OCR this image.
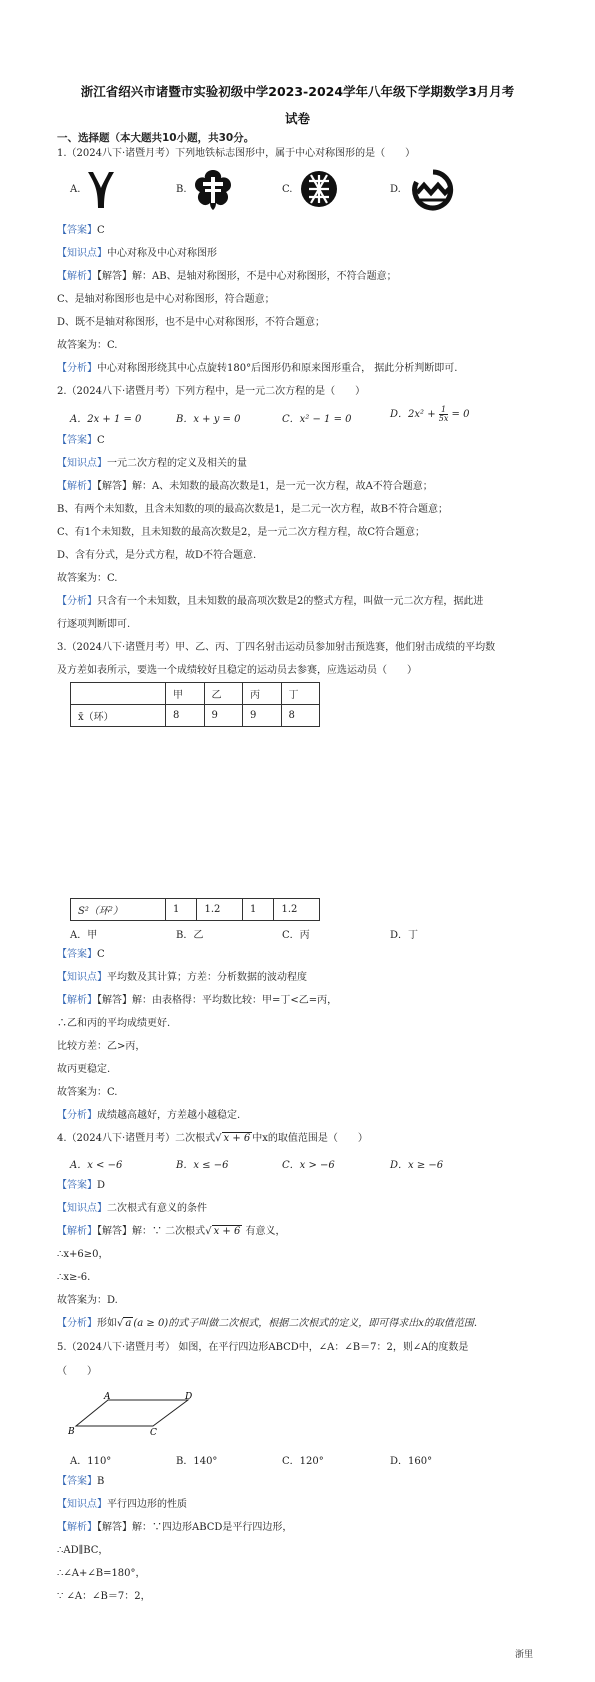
浙江省绍兴市诸暨市实验初级中学2023-2024学年八年级下学期数学3月月考
试卷
一、选择题（本大题共10小题，共30分。
1.（2024八下·诸暨月考）下列地铁标志图形中，属于中心对称图形的是（　　）
A.	B.	C.	D.
【答案】C
【知识点】中心对称及中心对称图形
【解析】【解答】解：AB、是轴对称图形，不是中心对称图形，不符合题意；
C、是轴对称图形也是中心对称图形，符合题意；
D、既不是轴对称图形，也不是中心对称图形，不符合题意；
故答案为：C.
【分析】中心对称图形绕其中心点旋转180°后图形仍和原来图形重合， 据此分析判断即可.
2.（2024八下·诸暨月考）下列方程中，是一元二次方程的是（　　）
A．2x + 1 = 0	B．x + y = 0	C．x² − 1 = 0	D．$2x^2 + \frac{1}{5x} = 0$
【答案】C
【知识点】一元二次方程的定义及相关的量
【解析】【解答】解：A、未知数的最高次数是1，是一元一次方程，故A不符合题意；
B、有两个未知数，且含未知数的项的最高次数是1，是二元一次方程，故B不符合题意；
C、有1个未知数，且未知数的最高次数是2，是一元二次方程方程，故C符合题意；
D、含有分式，是分式方程，故D不符合题意.
故答案为：C.
【分析】只含有一个未知数，且未知数的最高项次数是2的整式方程，叫做一元二次方程，据此进
行逐项判断即可.
3.（2024八下·诸暨月考）甲、乙、丙、丁四名射击运动员参加射击预选赛，他们射击成绩的平均数
及方差如表所示，要选一个成绩较好且稳定的运动员去参赛，应选运动员（　　）
	甲	乙	丙	丁
x̄（环）	8	9	9	8
S²（环²）	1	1.2	1	1.2
A．甲	B．乙	C．丙	D．丁
【答案】C
【知识点】平均数及其计算；方差：分析数据的波动程度
【解析】【解答】解：由表格得：平均数比较：甲=丁<乙=丙，
∴乙和丙的平均成绩更好.
比较方差：乙>丙，
故丙更稳定.
故答案为：C.
【分析】成绩越高越好，方差越小越稳定.
4.（2024八下·诸暨月考）二次根式√ x + 6 中x的取值范围是（　　）
A．x < −6	B．x ≤ −6	C．x > −6	D．x ≥ −6
【答案】D
【知识点】二次根式有意义的条件
【解析】【解答】解：∵ 二次根式√ x + 6 有意义，
∴x+6≥0，
∴x≥-6.
故答案为：D.
【分析】形如√ a (a ≥ 0)的式子叫做二次根式，根据二次根式的定义，即可得求出x的取值范围.
5.（2024八下·诸暨月考） 如图，在平行四边形ABCD中，∠A：∠B＝7：2，则∠A的度数是
（　　）
A	D
B	C
A．110°	B．140°	C．120°	D．160°
【答案】B
【知识点】平行四边形的性质
【解析】【解答】解：∵四边形ABCD是平行四边形，
∴AD∥BC，
∴∠A+∠B=180°，
∵ ∠A：∠B＝7：2，
浙里
